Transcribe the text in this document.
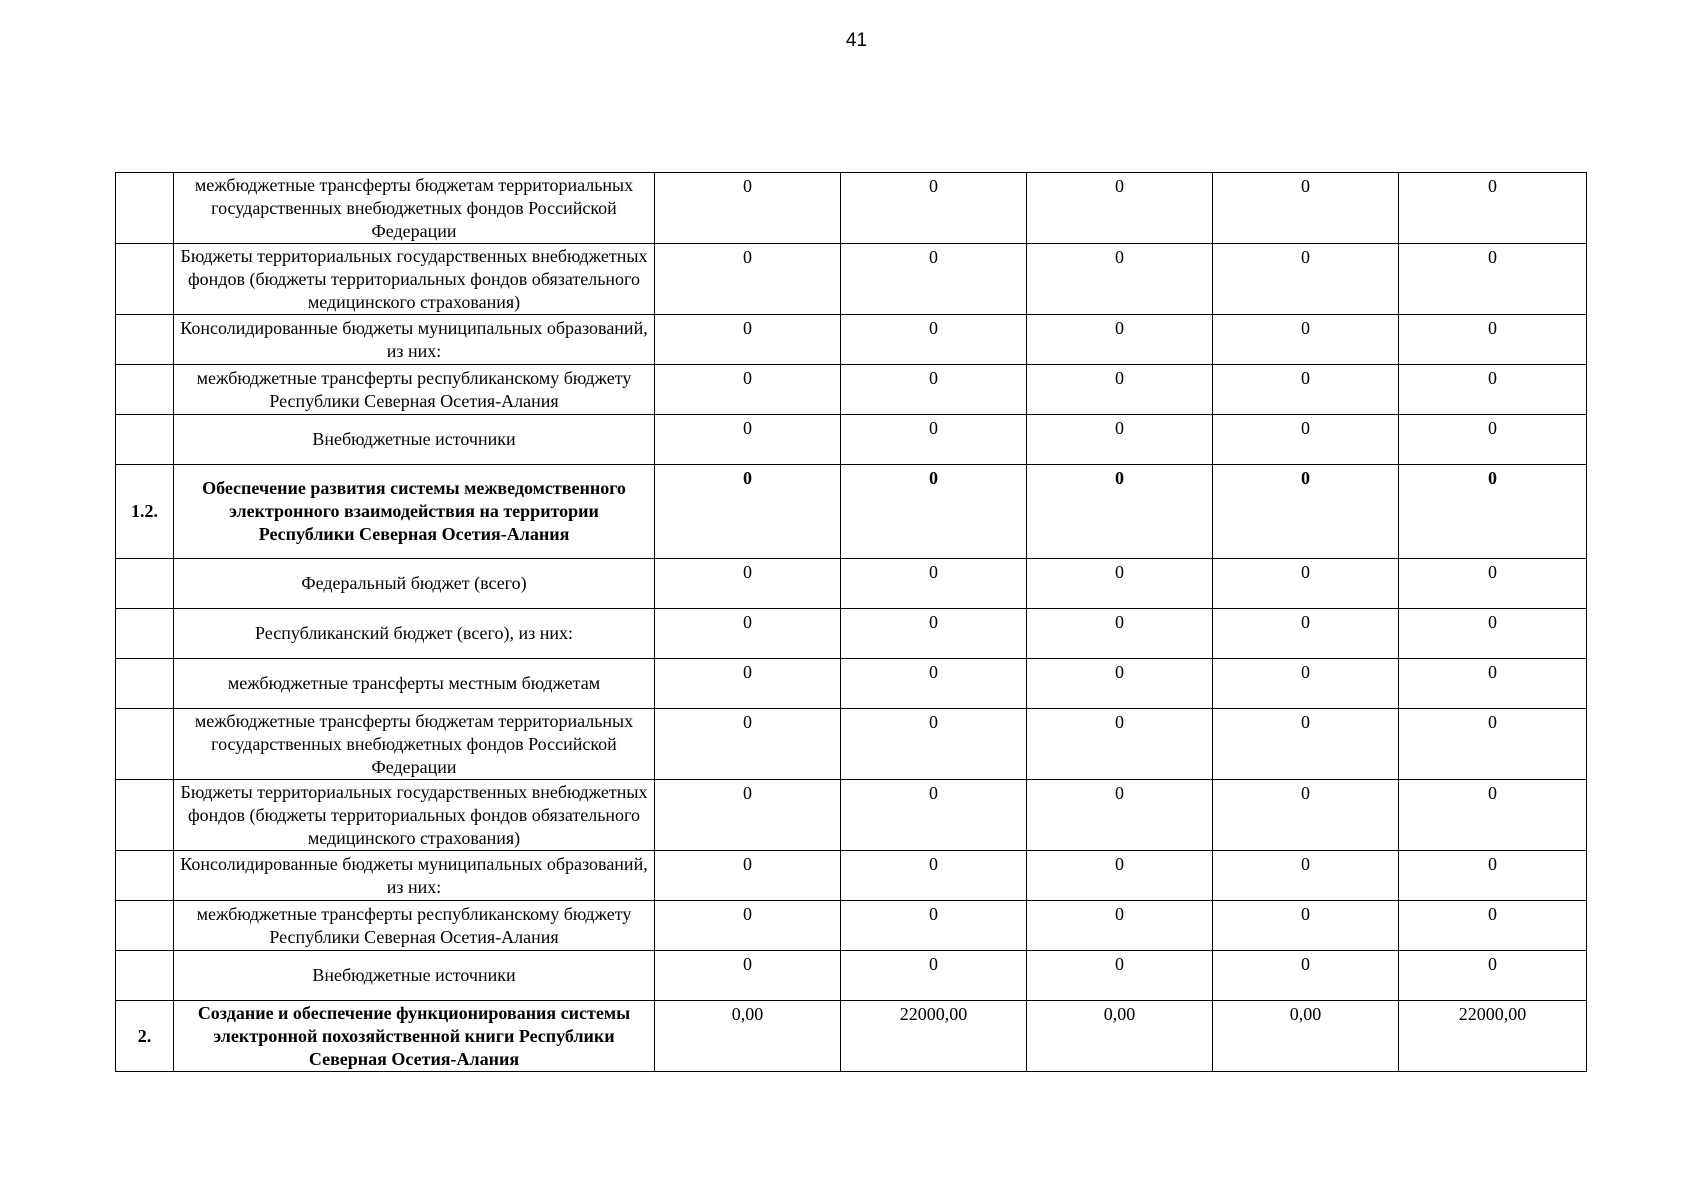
41
	межбюджетные трансферты бюджетам территориальных государственных внебюджетных фондов Российской Федерации	0	0	0	0	0
	Бюджеты территориальных государственных внебюджетных фондов (бюджеты территориальных фондов обязательного медицинского страхования)	0	0	0	0	0
	Консолидированные бюджеты муниципальных образований, из них:	0	0	0	0	0
	межбюджетные трансферты республиканскому бюджету Республики Северная Осетия-Алания	0	0	0	0	0
	Внебюджетные источники	0	0	0	0	0
1.2.	Обеспечение развития системы межведомственного электронного взаимодействия на территории Республики Северная Осетия-Алания	0	0	0	0	0
	Федеральный бюджет (всего)	0	0	0	0	0
	Республиканский бюджет (всего), из них:	0	0	0	0	0
	межбюджетные трансферты местным бюджетам	0	0	0	0	0
	межбюджетные трансферты бюджетам территориальных государственных внебюджетных фондов Российской Федерации	0	0	0	0	0
	Бюджеты территориальных государственных внебюджетных фондов (бюджеты территориальных фондов обязательного медицинского страхования)	0	0	0	0	0
	Консолидированные бюджеты муниципальных образований, из них:	0	0	0	0	0
	межбюджетные трансферты республиканскому бюджету Республики Северная Осетия-Алания	0	0	0	0	0
	Внебюджетные источники	0	0	0	0	0
2.	Создание и обеспечение функционирования системы электронной похозяйственной книги Республики Северная Осетия-Алания	0,00	22000,00	0,00	0,00	22000,00
